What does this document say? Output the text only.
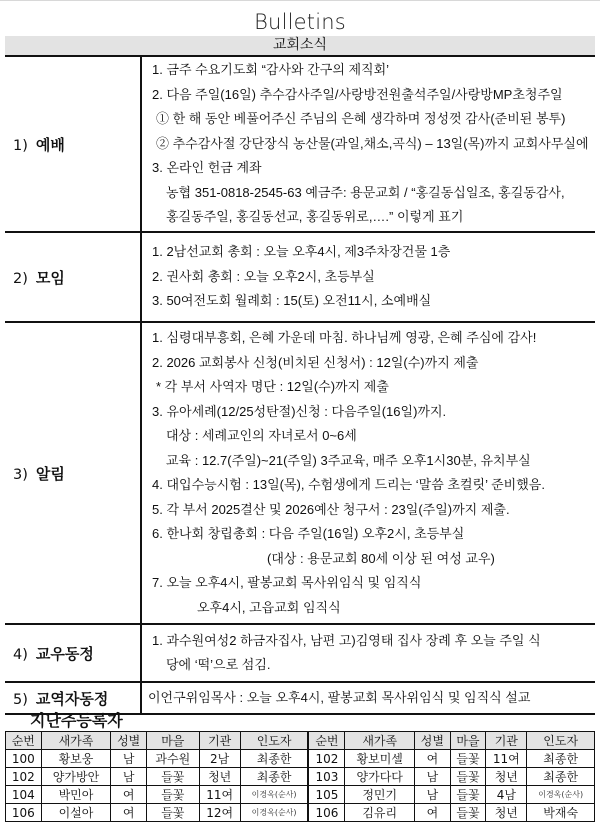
Bulletins
교회소식
1) 예배	
1. 금주 수요기도회 “감사와 간구의 제직회’
2. 다음 주일(16일) 추수감사주일/사랑방전원출석주일/사랑방MP초청주일
① 한 해 동안 베풀어주신 주님의 은혜 생각하며 정성껏 감사(준비된 봉투)
② 추수감사절 강단장식 농산물(과일,채소,곡식) – 13일(목)까지 교회사무실에
3. 온라인 헌금 계좌
농협 351-0818-2545-63 예금주: 용문교회 / “홍길동십일조, 홍길동감사,
홍길동주일, 홍길동선교, 홍길동위로,….” 이렇게 표기

2) 모임	1. 2남선교회 총회 : 오늘 오후4시, 제3주차장건물 1층
2. 권사회 총회 : 오늘 오후2시, 초등부실
3. 50여전도회 월례회 : 15(토) 오전11시, 소예배실

3) 알림	
1. 심령대부흥회, 은혜 가운데 마침. 하나님께 영광, 은혜 주심에 감사!
2. 2026 교회봉사 신청(비치된 신청서) : 12일(수)까지 제출
* 각 부서 사역자 명단 : 12일(수)까지 제출
3. 유아세례(12/25성탄절)신청 : 다음주일(16일)까지.
대상 : 세례교인의 자녀로서 0~6세
교육 : 12.7(주일)~21(주일) 3주교육, 매주 오후1시30분, 유치부실
4. 대입수능시험 : 13일(목), 수험생에게 드리는 ‘말씀 초컬릿’ 준비했음.
5. 각 부서 2025결산 및 2026예산 청구서 : 23일(주일)까지 제출.
6. 한나회 창립총회 : 다음 주일(16일) 오후2시, 초등부실
(대상 : 용문교회 80세 이상 된 여성 교우)
7. 오늘 오후4시, 팔봉교회 목사위임식 및 임직식
오후4시, 고읍교회 임직식

4) 교우동정	1. 과수원여성2 하금자집사, 남편 고)김영태 집사 장례 후 오늘 주일 식
당에 ‘떡’으로 섬김.

5) 교역자동정	이언구위임목사 : 오늘 오후4시, 팔봉교회 목사위임식 및 임직식 설교
지난주등록자
순번	새가족	성별	마을	기관	인도자	순번	새가족	성별	마을	기관	인도자
100	황보웅	남	과수원	2남	최종한	102	황보미셀	여	들꽃	11여	최종한
102	양가방안	남	들꽃	청년	최종한	103	양가다다	남	들꽃	청년	최종한
104	박민아	여	들꽃	11여	이경옥(순사)	105	정민기	남	들꽃	4남	이경옥(순사)
106	이설아	여	들꽃	12여	이경옥(순사)	106	김유리	여	들꽃	청년	박재숙
